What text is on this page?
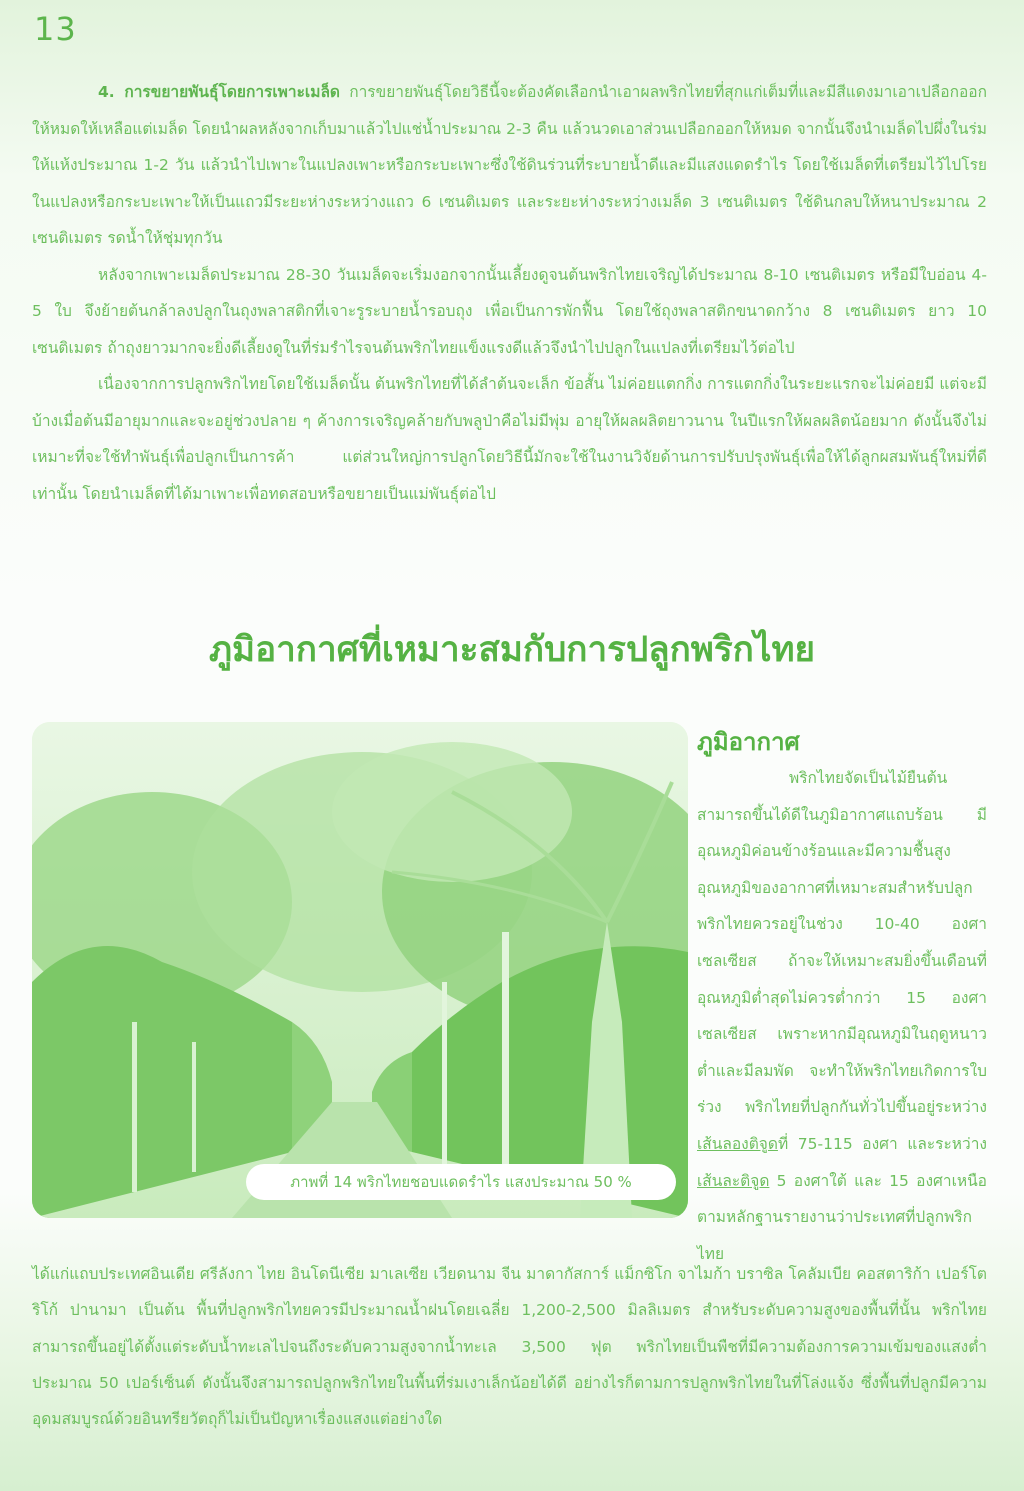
13

4. การขยายพันธุ์โดยการเพาะเมล็ด การขยายพันธุ์โดยวิธีนี้จะต้องคัดเลือกนำเอาผลพริกไทยที่สุกแก่เต็มที่และมีสีแดงมาเอาเปลือกออกให้หมดให้เหลือแต่เมล็ด โดยนำผลหลังจากเก็บมาแล้วไปแช่น้ำประมาณ 2-3 คืน แล้วนวดเอาส่วนเปลือกออกให้หมด จากนั้นจึงนำเมล็ดไปผึ่งในร่มให้แห้งประมาณ 1-2 วัน แล้วนำไปเพาะในแปลงเพาะหรือกระบะเพาะซึ่งใช้ดินร่วนที่ระบายน้ำดีและมีแสงแดดรำไร โดยใช้เมล็ดที่เตรียมไว้ไปโรยในแปลงหรือกระบะเพาะให้เป็นแถวมีระยะห่างระหว่างแถว 6 เซนติเมตร และระยะห่างระหว่างเมล็ด 3 เซนติเมตร ใช้ดินกลบให้หนาประมาณ 2 เซนติเมตร รดน้ำให้ชุ่มทุกวัน

หลังจากเพาะเมล็ดประมาณ 28-30 วันเมล็ดจะเริ่มงอกจากนั้นเลี้ยงดูจนต้นพริกไทยเจริญได้ประมาณ 8-10 เซนติเมตร หรือมีใบอ่อน 4-5 ใบ จึงย้ายต้นกล้าลงปลูกในถุงพลาสติกที่เจาะรูระบายน้ำรอบถุง เพื่อเป็นการพักฟื้น โดยใช้ถุงพลาสติกขนาดกว้าง 8 เซนติเมตร ยาว 10 เซนติเมตร ถ้าถุงยาวมากจะยิ่งดีเลี้ยงดูในที่ร่มรำไรจนต้นพริกไทยแข็งแรงดีแล้วจึงนำไปปลูกในแปลงที่เตรียมไว้ต่อไป

เนื่องจากการปลูกพริกไทยโดยใช้เมล็ดนั้น ต้นพริกไทยที่ได้ลำต้นจะเล็ก ข้อสั้น ไม่ค่อยแตกกิ่ง การแตกกิ่งในระยะแรกจะไม่ค่อยมี แต่จะมีบ้างเมื่อต้นมีอายุมากและจะอยู่ช่วงปลาย ๆ ค้างการเจริญคล้ายกับพลูป่าคือไม่มีพุ่ม อายุให้ผลผลิตยาวนาน ในปีแรกให้ผลผลิตน้อยมาก ดังนั้นจึงไม่เหมาะที่จะใช้ทำพันธุ์เพื่อปลูกเป็นการค้า แต่ส่วนใหญ่การปลูกโดยวิธีนี้มักจะใช้ในงานวิจัยด้านการปรับปรุงพันธุ์เพื่อให้ได้ลูกผสมพันธุ์ใหม่ที่ดีเท่านั้น โดยนำเมล็ดที่ได้มาเพาะเพื่อทดสอบหรือขยายเป็นแม่พันธุ์ต่อไป

ภูมิอากาศที่เหมาะสมกับการปลูกพริกไทย
ภาพที่ 14 พริกไทยชอบแดดรำไร แสงประมาณ 50 %
ภูมิอากาศ

พริกไทยจัดเป็นไม้ยืนต้นสามารถขึ้นได้ดีในภูมิอากาศแถบร้อน มีอุณหภูมิค่อนข้างร้อนและมีความชื้นสูง อุณหภูมิของอากาศที่เหมาะสมสำหรับปลูกพริกไทยควรอยู่ในช่วง 10-40 องศาเซลเซียส ถ้าจะให้เหมาะสมยิ่งขึ้นเดือนที่อุณหภูมิต่ำสุดไม่ควรต่ำกว่า 15 องศาเซลเซียส เพราะหากมีอุณหภูมิในฤดูหนาวต่ำและมีลมพัด จะทำให้พริกไทยเกิดการใบร่วง พริกไทยที่ปลูกกันทั่วไปขึ้นอยู่ระหว่างเส้นลองติจูดที่ 75-115 องศา และระหว่างเส้นละติจูด 5 องศาใต้ และ 15 องศาเหนือ ตามหลักฐานรายงานว่าประเทศที่ปลูกพริกไทย

ได้แก่แถบประเทศอินเดีย ศรีลังกา ไทย อินโดนีเซีย มาเลเซีย เวียดนาม จีน มาดากัสการ์ แม็กซิโก จาไมก้า บราซิล โคลัมเบีย คอสตาริก้า เปอร์โตริโก้ ปานามา เป็นต้น พื้นที่ปลูกพริกไทยควรมีประมาณน้ำฝนโดยเฉลี่ย 1,200-2,500 มิลลิเมตร สำหรับระดับความสูงของพื้นที่นั้น พริกไทยสามารถขึ้นอยู่ได้ตั้งแต่ระดับน้ำทะเลไปจนถึงระดับความสูงจากน้ำทะเล 3,500 ฟุต พริกไทยเป็นพืชที่มีความต้องการความเข้มของแสงต่ำ ประมาณ 50 เปอร์เซ็นต์ ดังนั้นจึงสามารถปลูกพริกไทยในพื้นที่ร่มเงาเล็กน้อยได้ดี อย่างไรก็ตามการปลูกพริกไทยในที่โล่งแจ้ง ซึ่งพื้นที่ปลูกมีความอุดมสมบูรณ์ด้วยอินทรียวัตถุก็ไม่เป็นปัญหาเรื่องแสงแต่อย่างใด
